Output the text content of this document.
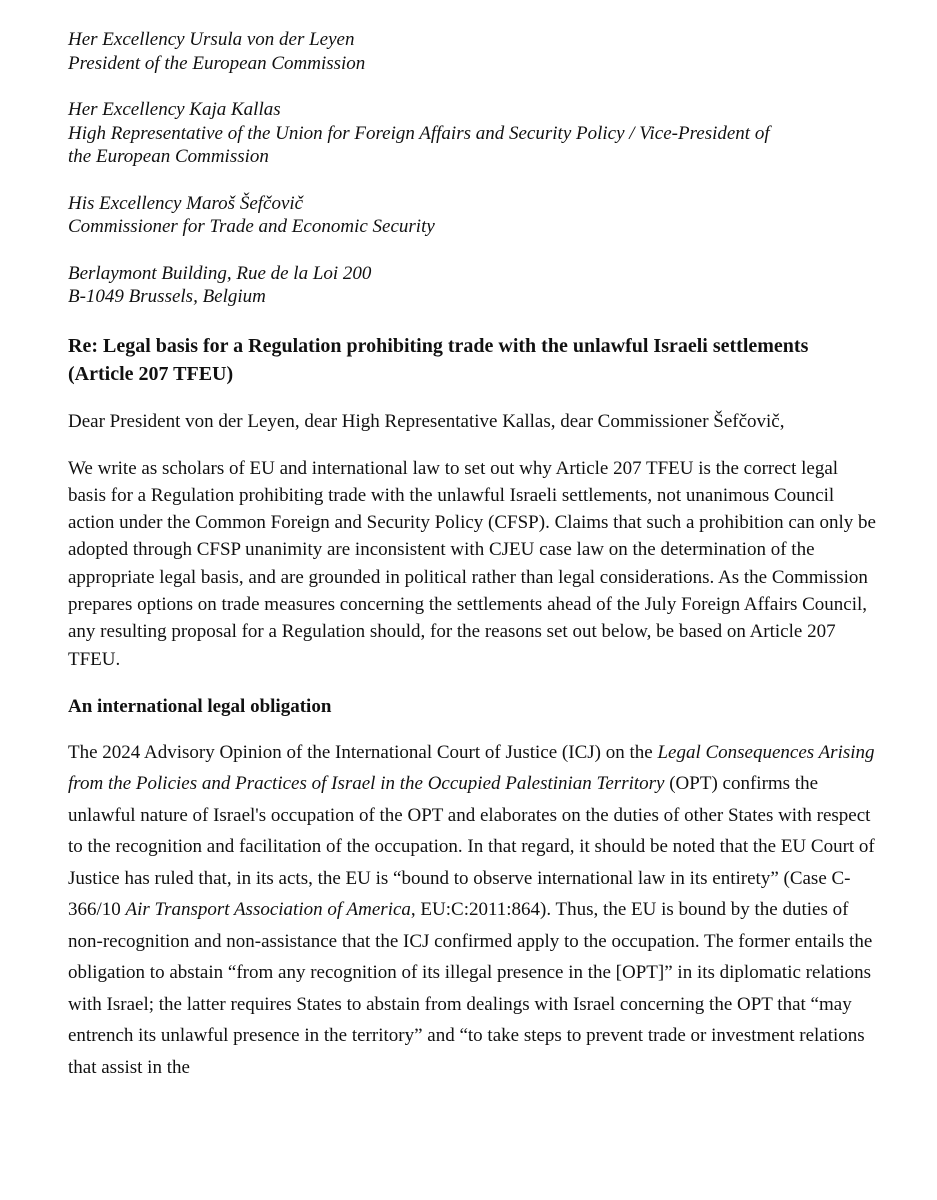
Her Excellency Ursula von der Leyen
President of the European Commission
Her Excellency Kaja Kallas
High Representative of the Union for Foreign Affairs and Security Policy / Vice-President of
the European Commission
His Excellency Maroš Šefčovič
Commissioner for Trade and Economic Security
Berlaymont Building, Rue de la Loi 200
B-1049 Brussels, Belgium
Re: Legal basis for a Regulation prohibiting trade with the unlawful Israeli settlements (Article 207 TFEU)
Dear President von der Leyen, dear High Representative Kallas, dear Commissioner Šefčovič,
We write as scholars of EU and international law to set out why Article 207 TFEU is the correct legal basis for a Regulation prohibiting trade with the unlawful Israeli settlements, not unanimous Council action under the Common Foreign and Security Policy (CFSP). Claims that such a prohibition can only be adopted through CFSP unanimity are inconsistent with CJEU case law on the determination of the appropriate legal basis, and are grounded in political rather than legal considerations. As the Commission prepares options on trade measures concerning the settlements ahead of the July Foreign Affairs Council, any resulting proposal for a Regulation should, for the reasons set out below, be based on Article 207 TFEU.
An international legal obligation
The 2024 Advisory Opinion of the International Court of Justice (ICJ) on the Legal Consequences Arising from the Policies and Practices of Israel in the Occupied Palestinian Territory (OPT) confirms the unlawful nature of Israel's occupation of the OPT and elaborates on the duties of other States with respect to the recognition and facilitation of the occupation. In that regard, it should be noted that the EU Court of Justice has ruled that, in its acts, the EU is “bound to observe international law in its entirety” (Case C-366/10 Air Transport Association of America, EU:C:2011:864). Thus, the EU is bound by the duties of non-recognition and non-assistance that the ICJ confirmed apply to the occupation. The former entails the obligation to abstain “from any recognition of its illegal presence in the [OPT]” in its diplomatic relations with Israel; the latter requires States to abstain from dealings with Israel concerning the OPT that “may entrench its unlawful presence in the territory” and “to take steps to prevent trade or investment relations that assist in the
